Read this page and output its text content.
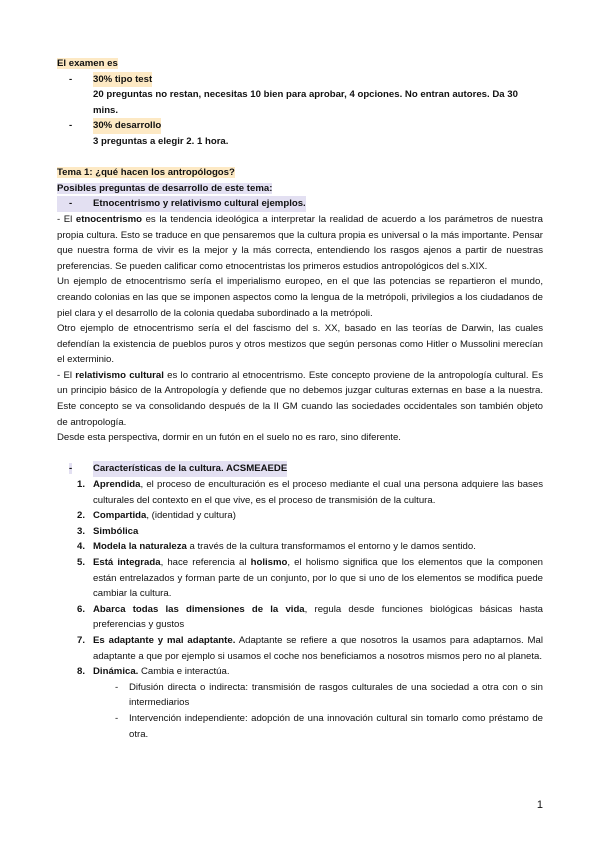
El examen es

-	30% tipo test

20 preguntas no restan, necesitas 10 bien para aprobar, 4 opciones. No entran autores. Da 30 mins.

-	30% desarrollo

3 preguntas a elegir 2. 1 hora.

Tema 1: ¿qué hacen los antropólogos?

Posibles preguntas de desarrollo de este tema:

-	Etnocentrismo y relativismo cultural ejemplos.

- El etnocentrismo es la tendencia ideológica a interpretar la realidad de acuerdo a los parámetros de nuestra propia cultura. Esto se traduce en que pensaremos que la cultura propia es universal o la más importante. Pensar que nuestra forma de vivir es la mejor y la más correcta, entendiendo los rasgos ajenos a partir de nuestras preferencias. Se pueden calificar como etnocentristas los primeros estudios antropológicos del s.XIX.

Un ejemplo de etnocentrismo sería el imperialismo europeo, en el que las potencias se repartieron el mundo, creando colonias en las que se imponen aspectos como la lengua de la metrópoli, privilegios a los ciudadanos de piel clara y el desarrollo de la colonia quedaba subordinado a la metrópoli.

Otro ejemplo de etnocentrismo sería el del fascismo del s. XX, basado en las teorías de Darwin, las cuales defendían la existencia de pueblos puros y otros mestizos que según personas como Hitler o Mussolini merecían el exterminio.

- El relativismo cultural es lo contrario al etnocentrismo. Este concepto proviene de la antropología cultural. Es un principio básico de la Antropología y defiende que no debemos juzgar culturas externas en base a la nuestra. Este concepto se va consolidando después de la II GM cuando las sociedades occidentales son también objeto de antropología.

Desde esta perspectiva, dormir en un futón en el suelo no es raro, sino diferente.

-	Características de la cultura. ACSMEAEDE
1. Aprendida, el proceso de enculturación es el proceso mediante el cual una persona adquiere las bases culturales del contexto en el que vive, es el proceso de transmisión de la cultura.
2. Compartida, (identidad y cultura)
3. Simbólica
4. Modela la naturaleza a través de la cultura transformamos el entorno y le damos sentido.
5. Está integrada, hace referencia al holismo, el holismo significa que los elementos que la componen están entrelazados y forman parte de un conjunto, por lo que si uno de los elementos se modifica puede cambiar la cultura.
6. Abarca todas las dimensiones de la vida, regula desde funciones biológicas básicas hasta preferencias y gustos
7. Es adaptante y mal adaptante. Adaptante se refiere a que nosotros la usamos para adaptarnos. Mal adaptante a que por ejemplo si usamos el coche nos beneficiamos a nosotros mismos pero no al planeta.
8. Dinámica. Cambia e interactúa.
-	Difusión directa o indirecta: transmisión de rasgos culturales de una sociedad a otra con o sin intermediarios
-	Intervención independiente: adopción de una innovación cultural sin tomarlo como préstamo de otra.
1
